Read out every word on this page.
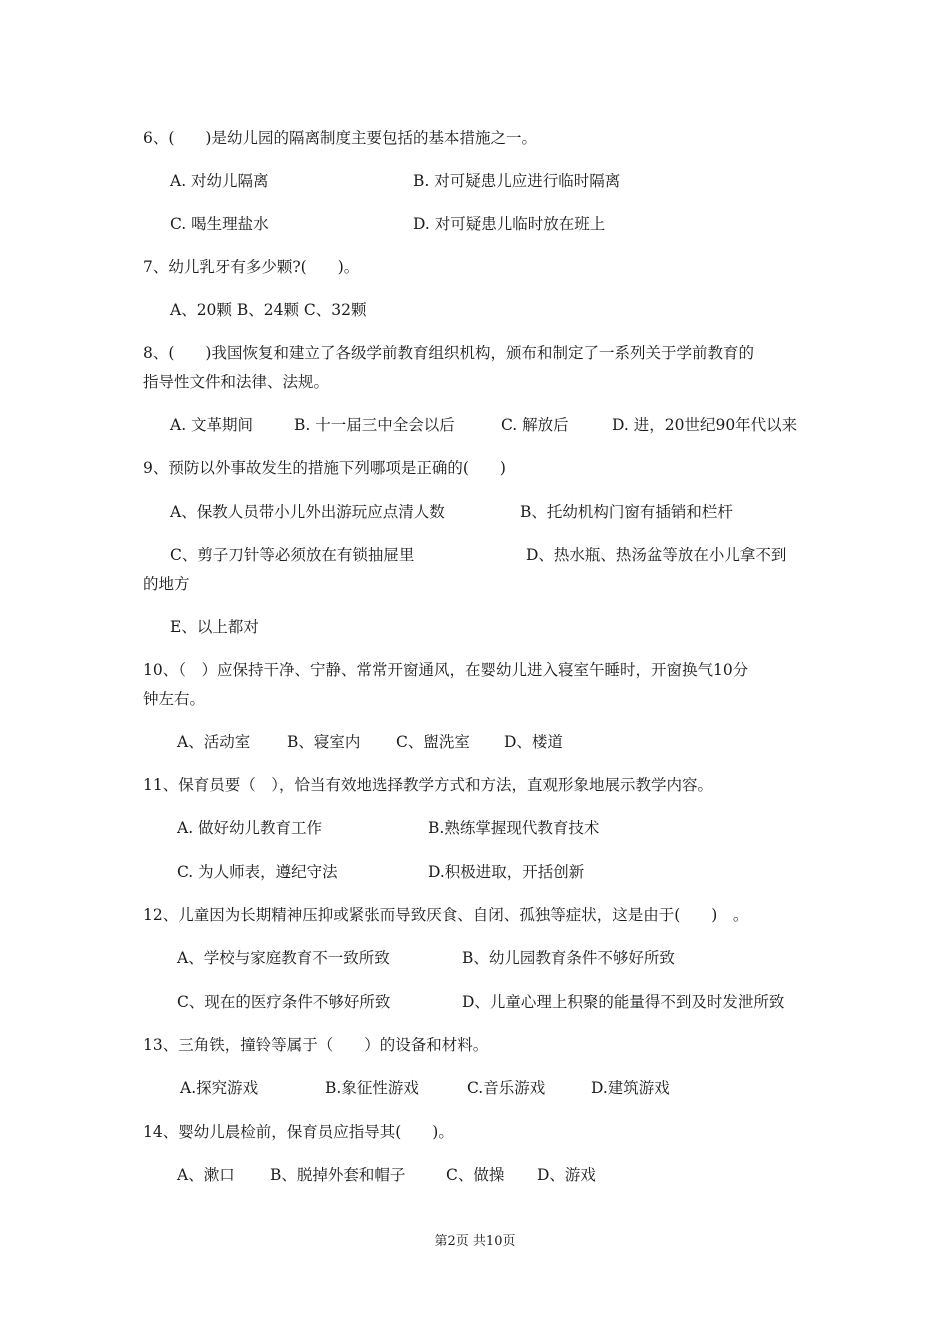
6、(　　)是幼儿园的隔离制度主要包括的基本措施之一。
A. 对幼儿隔离	B. 对可疑患儿应进行临时隔离
C. 喝生理盐水	D. 对可疑患儿临时放在班上
7、幼儿乳牙有多少颗?(　　)。
A、20颗 B、24颗 C、32颗
8、(　　)我国恢复和建立了各级学前教育组织机构，颁布和制定了一系列关于学前教育的
指导性文件和法律、法规。
A. 文革期间	B. 十一届三中全会以后	C. 解放后	D. 进，20世纪90年代以来
9、预防以外事故发生的措施下列哪项是正确的(　　)
A、保教人员带小儿外出游玩应点清人数	B、托幼机构门窗有插销和栏杆
C、剪子刀针等必须放在有锁抽屉里	D、热水瓶、热汤盆等放在小儿拿不到
的地方
E、以上都对
10、（　）应保持干净、宁静、常常开窗通风，在婴幼儿进入寝室午睡时，开窗换气10分
钟左右。
A、活动室 B、寝室内 C、盥洗室 D、楼道
11、保育员要（　），恰当有效地选择教学方式和方法，直观形象地展示教学内容。
A. 做好幼儿教育工作	B.熟练掌握现代教育技术
C. 为人师表，遵纪守法	D.积极进取，开括创新
12、儿童因为长期精神压抑或紧张而导致厌食、自闭、孤独等症状，这是由于(　　)　。
A、学校与家庭教育不一致所致	B、幼儿园教育条件不够好所致
C、现在的医疗条件不够好所致	D、儿童心理上积聚的能量得不到及时发泄所致
13、三角铁，撞铃等属于（　　）的设备和材料。
A.探究游戏	B.象征性游戏	C.音乐游戏	D.建筑游戏
14、婴幼儿晨检前，保育员应指导其(　　)。
A、漱口 B、脱掉外套和帽子	C、做操 D、游戏
第2页 共10页
